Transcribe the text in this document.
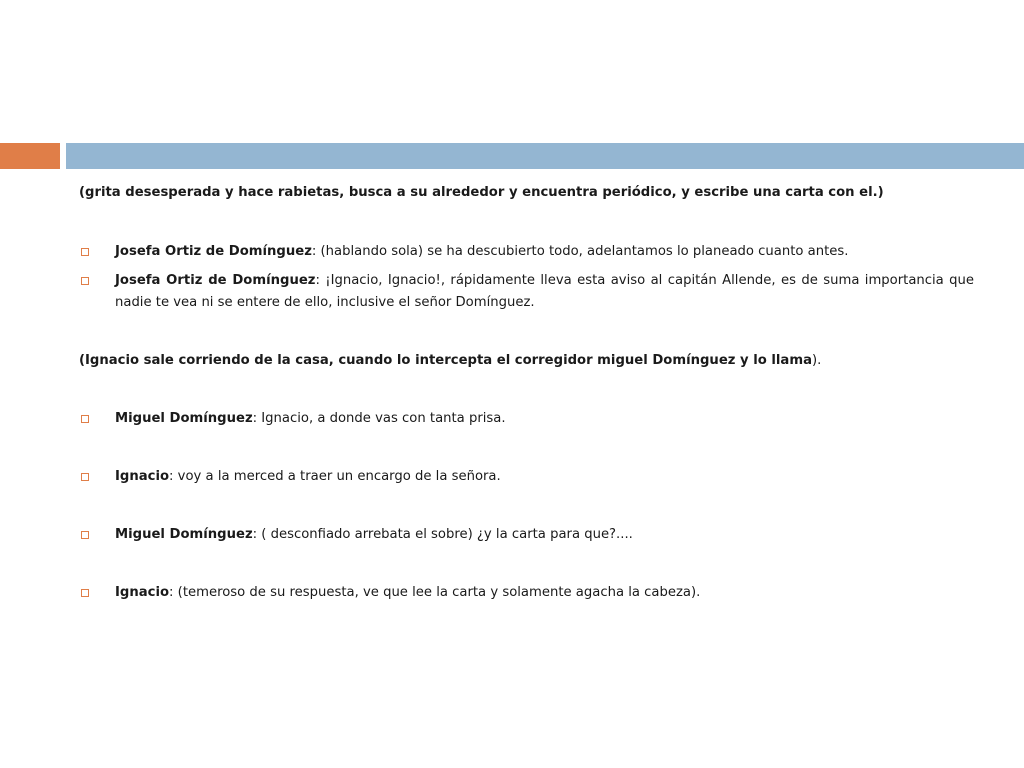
(grita desesperada y hace rabietas, busca a su alrededor y encuentra periódico, y escribe una carta con el.)

Josefa Ortiz de Domínguez: (hablando sola) se ha descubierto todo, adelantamos lo planeado cuanto antes.

Josefa Ortiz de Domínguez: ¡Ignacio, Ignacio!, rápidamente lleva esta aviso al capitán Allende, es de suma importancia que nadie te vea ni se entere de ello, inclusive el señor Domínguez.

(Ignacio sale corriendo de la casa, cuando lo intercepta el corregidor miguel Domínguez y lo llama).

Miguel Domínguez: Ignacio, a donde vas con tanta prisa.

Ignacio: voy a la merced a traer un encargo de la señora.

Miguel Domínguez: ( desconfiado arrebata el sobre) ¿y la carta para que?....

Ignacio: (temeroso de su respuesta, ve que lee la carta y solamente agacha la cabeza).
